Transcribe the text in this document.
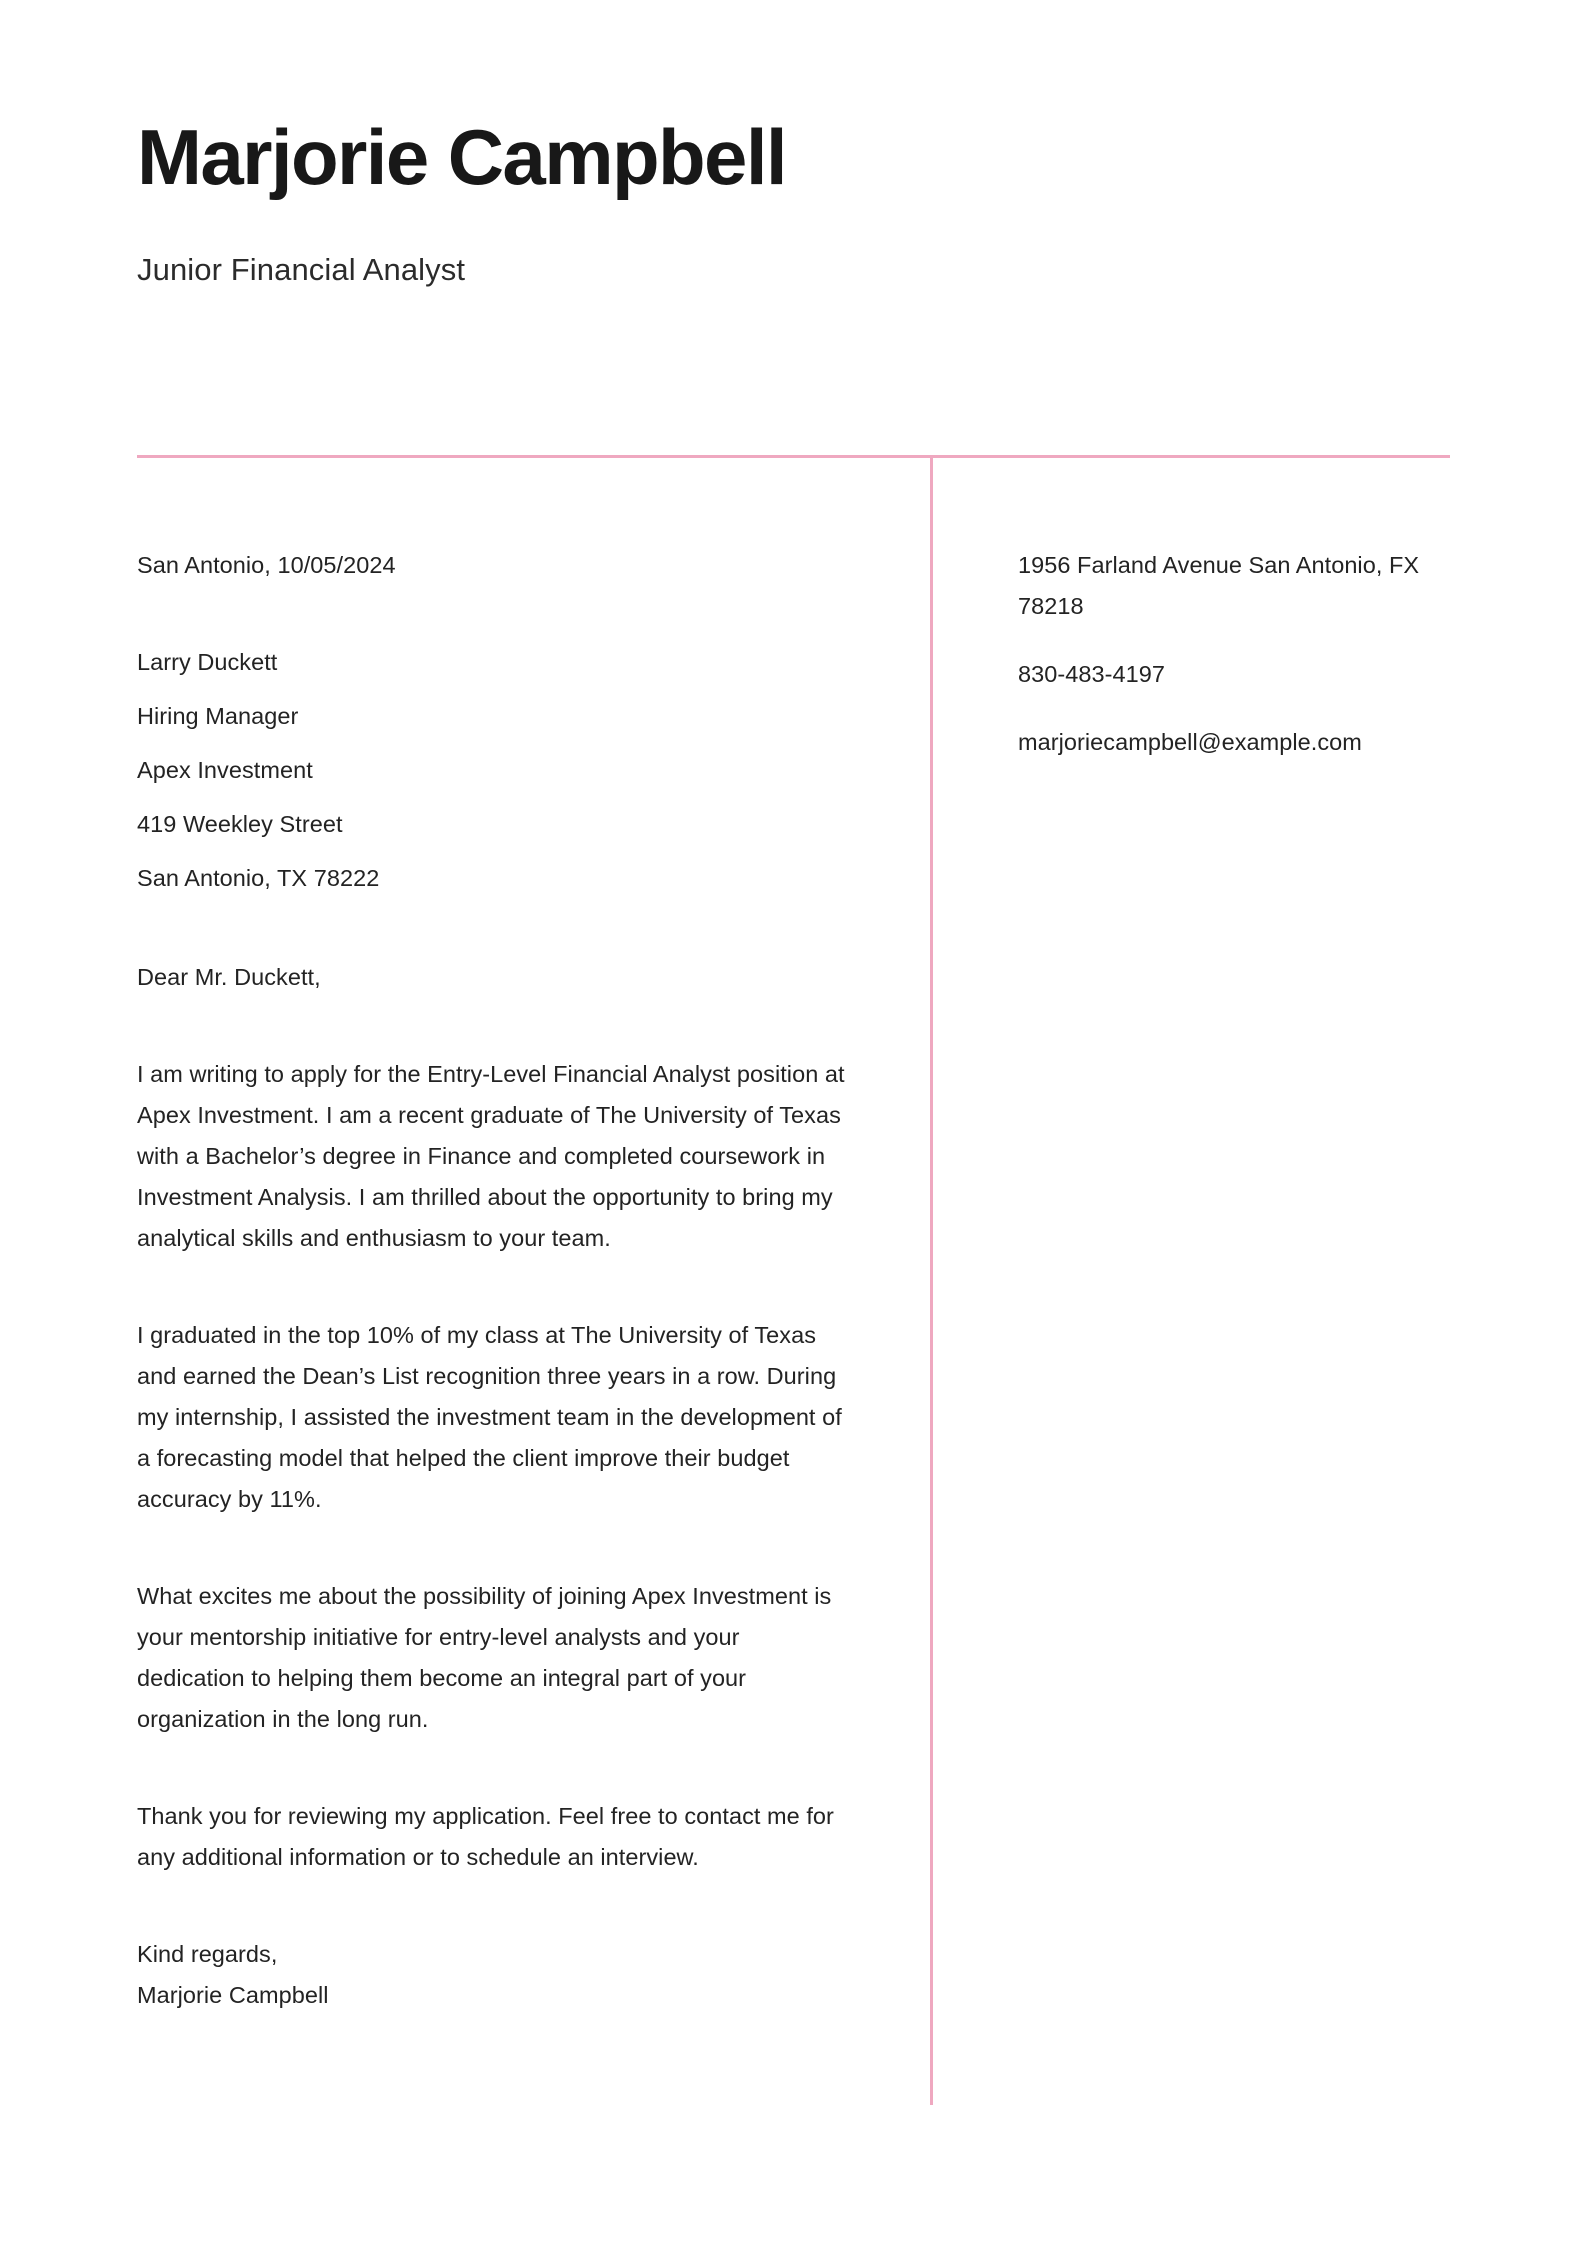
Marjorie Campbell

Junior Financial Analyst

San Antonio, 10/05/2024

Larry Duckett

Hiring Manager

Apex Investment

419 Weekley Street

San Antonio, TX 78222

Dear Mr. Duckett,

I am writing to apply for the Entry-Level Financial Analyst position at Apex Investment. I am a recent graduate of The University of Texas with a Bachelor’s degree in Finance and completed coursework in Investment Analysis. I am thrilled about the opportunity to bring my analytical skills and enthusiasm to your team.

I graduated in the top 10% of my class at The University of Texas and earned the Dean’s List recognition three years in a row. During my internship, I assisted the investment team in the development of a forecasting model that helped the client improve their budget accuracy by 11%.

What excites me about the possibility of joining Apex Investment is your mentorship initiative for entry-level analysts and your dedication to helping them become an integral part of your organization in the long run.

Thank you for reviewing my application. Feel free to contact me for any additional information or to schedule an interview.

Kind regards,

Marjorie Campbell

1956 Farland Avenue San Antonio, FX 78218

830-483-4197

marjoriecampbell@example.com
